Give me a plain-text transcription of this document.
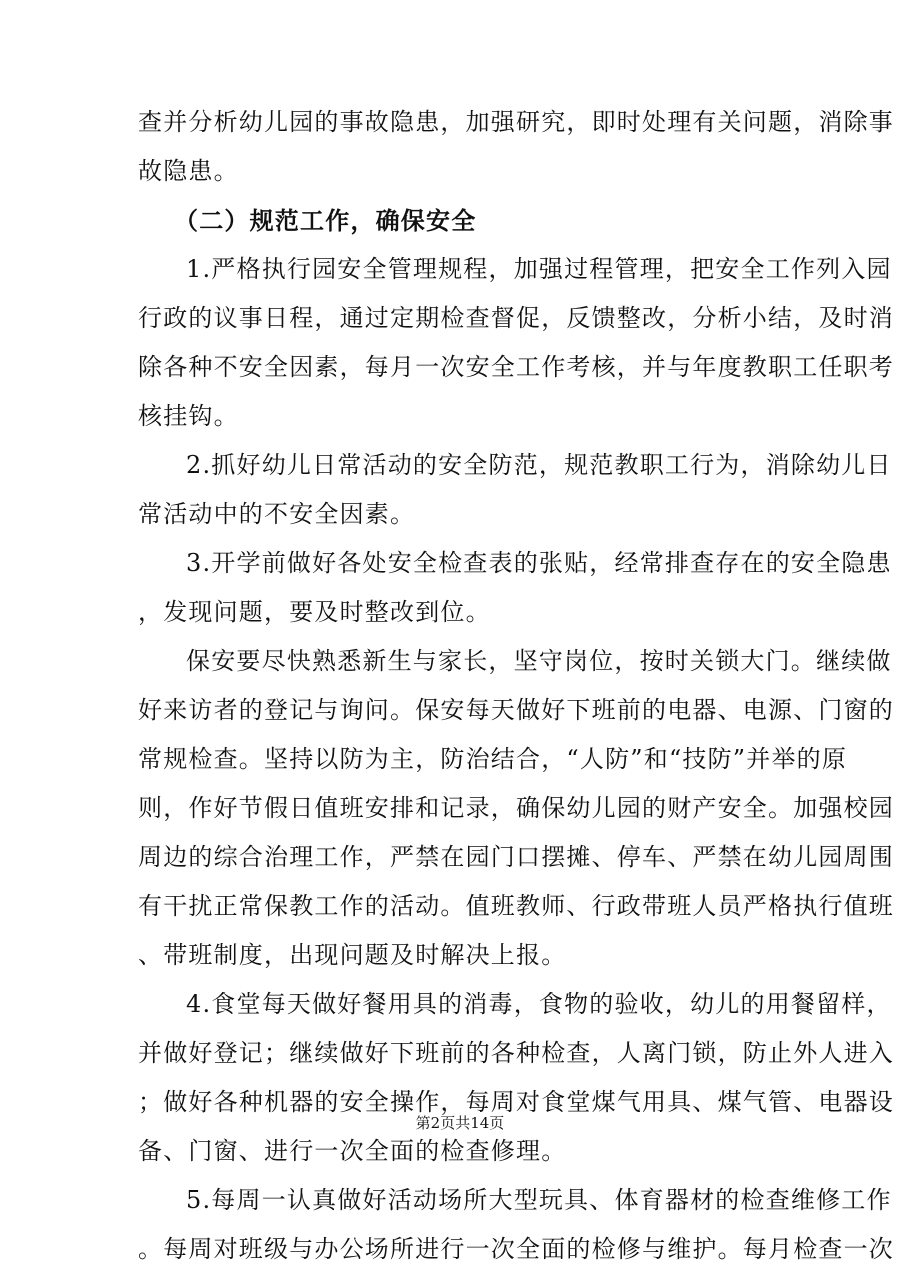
查并分析幼儿园的事故隐患，加强研究，即时处理有关问题，消除事
故隐患。
（二）规范工作，确保安全
1.严格执行园安全管理规程，加强过程管理，把安全工作列入园
行政的议事日程，通过定期检查督促，反馈整改，分析小结，及时消
除各种不安全因素，每月一次安全工作考核，并与年度教职工任职考
核挂钩。
2.抓好幼儿日常活动的安全防范，规范教职工行为，消除幼儿日
常活动中的不安全因素。
3.开学前做好各处安全检查表的张贴，经常排查存在的安全隐患
，发现问题，要及时整改到位。
保安要尽快熟悉新生与家长，坚守岗位，按时关锁大门。继续做
好来访者的登记与询问。保安每天做好下班前的电器、电源、门窗的
常规检查。坚持以防为主，防治结合，“人防”和“技防”并举的原
则，作好节假日值班安排和记录，确保幼儿园的财产安全。加强校园
周边的综合治理工作，严禁在园门口摆摊、停车、严禁在幼儿园周围
有干扰正常保教工作的活动。值班教师、行政带班人员严格执行值班
、带班制度，出现问题及时解决上报。
4.食堂每天做好餐用具的消毒，食物的验收，幼儿的用餐留样，
并做好登记；继续做好下班前的各种检查，人离门锁，防止外人进入
；做好各种机器的安全操作，每周对食堂煤气用具、煤气管、电器设
备、门窗、进行一次全面的检查修理。
5.每周一认真做好活动场所大型玩具、体育器材的检查维修工作
。每周对班级与办公场所进行一次全面的检修与维护。每月检查一次
第2页共14页
